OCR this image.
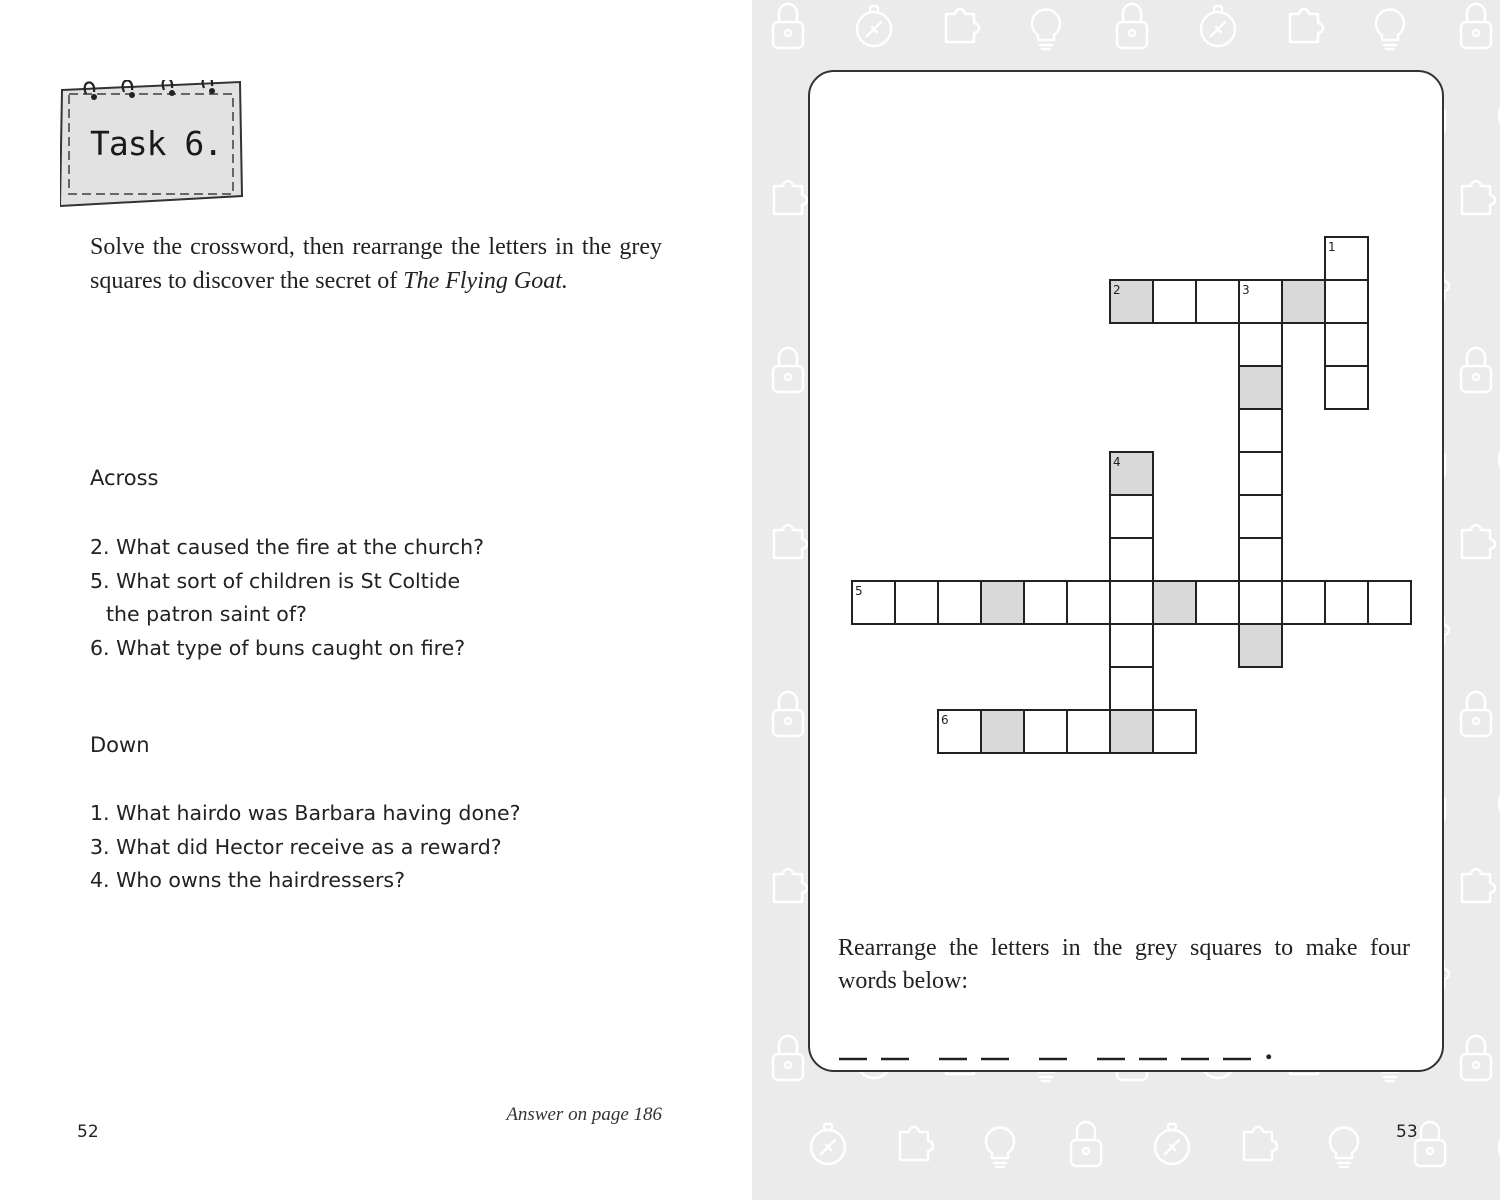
Task 6.
Solve the crossword, then rearrange the letters in the grey squares to discover the secret of The Flying Goat.
Across
2. What caused the fire at the church?
5. What sort of children is St Coltide
the patron saint of?
6. What type of buns caught on fire?
Down
1. What hairdo was Barbara having done?
3. What did Hector receive as a reward?
4. Who owns the hairdressers?
Answer on page 186
52
2	3
5
6
1
4
Rearrange the letters in the grey squares to make four words below:
.
53
